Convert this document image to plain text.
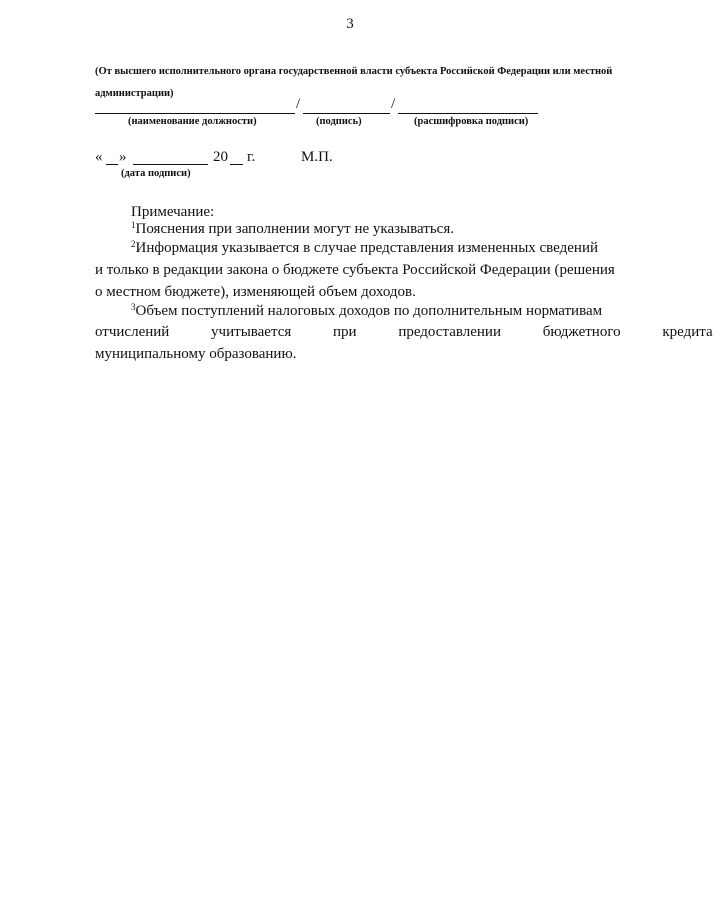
3
(От высшего исполнительного органа государственной власти субъекта Российской Федерации или местной
администрации)
/	/
(наименование должности)	(подпись)	(расшифровка подписи)
« »	20 г.	М.П.
(дата подписи)
Примечание:
$^1$Пояснения при заполнении могут не указываться.
$^2$Информация указывается в случае представления измененных сведений
и только в редакции закона о бюджете субъекта Российской Федерации (решения
о местном бюджете), изменяющей объем доходов.
$^3$Объем поступлений налоговых доходов по дополнительным нормативам
отчислений учитывается при предоставлении бюджетного кредита
муниципальному образованию.
